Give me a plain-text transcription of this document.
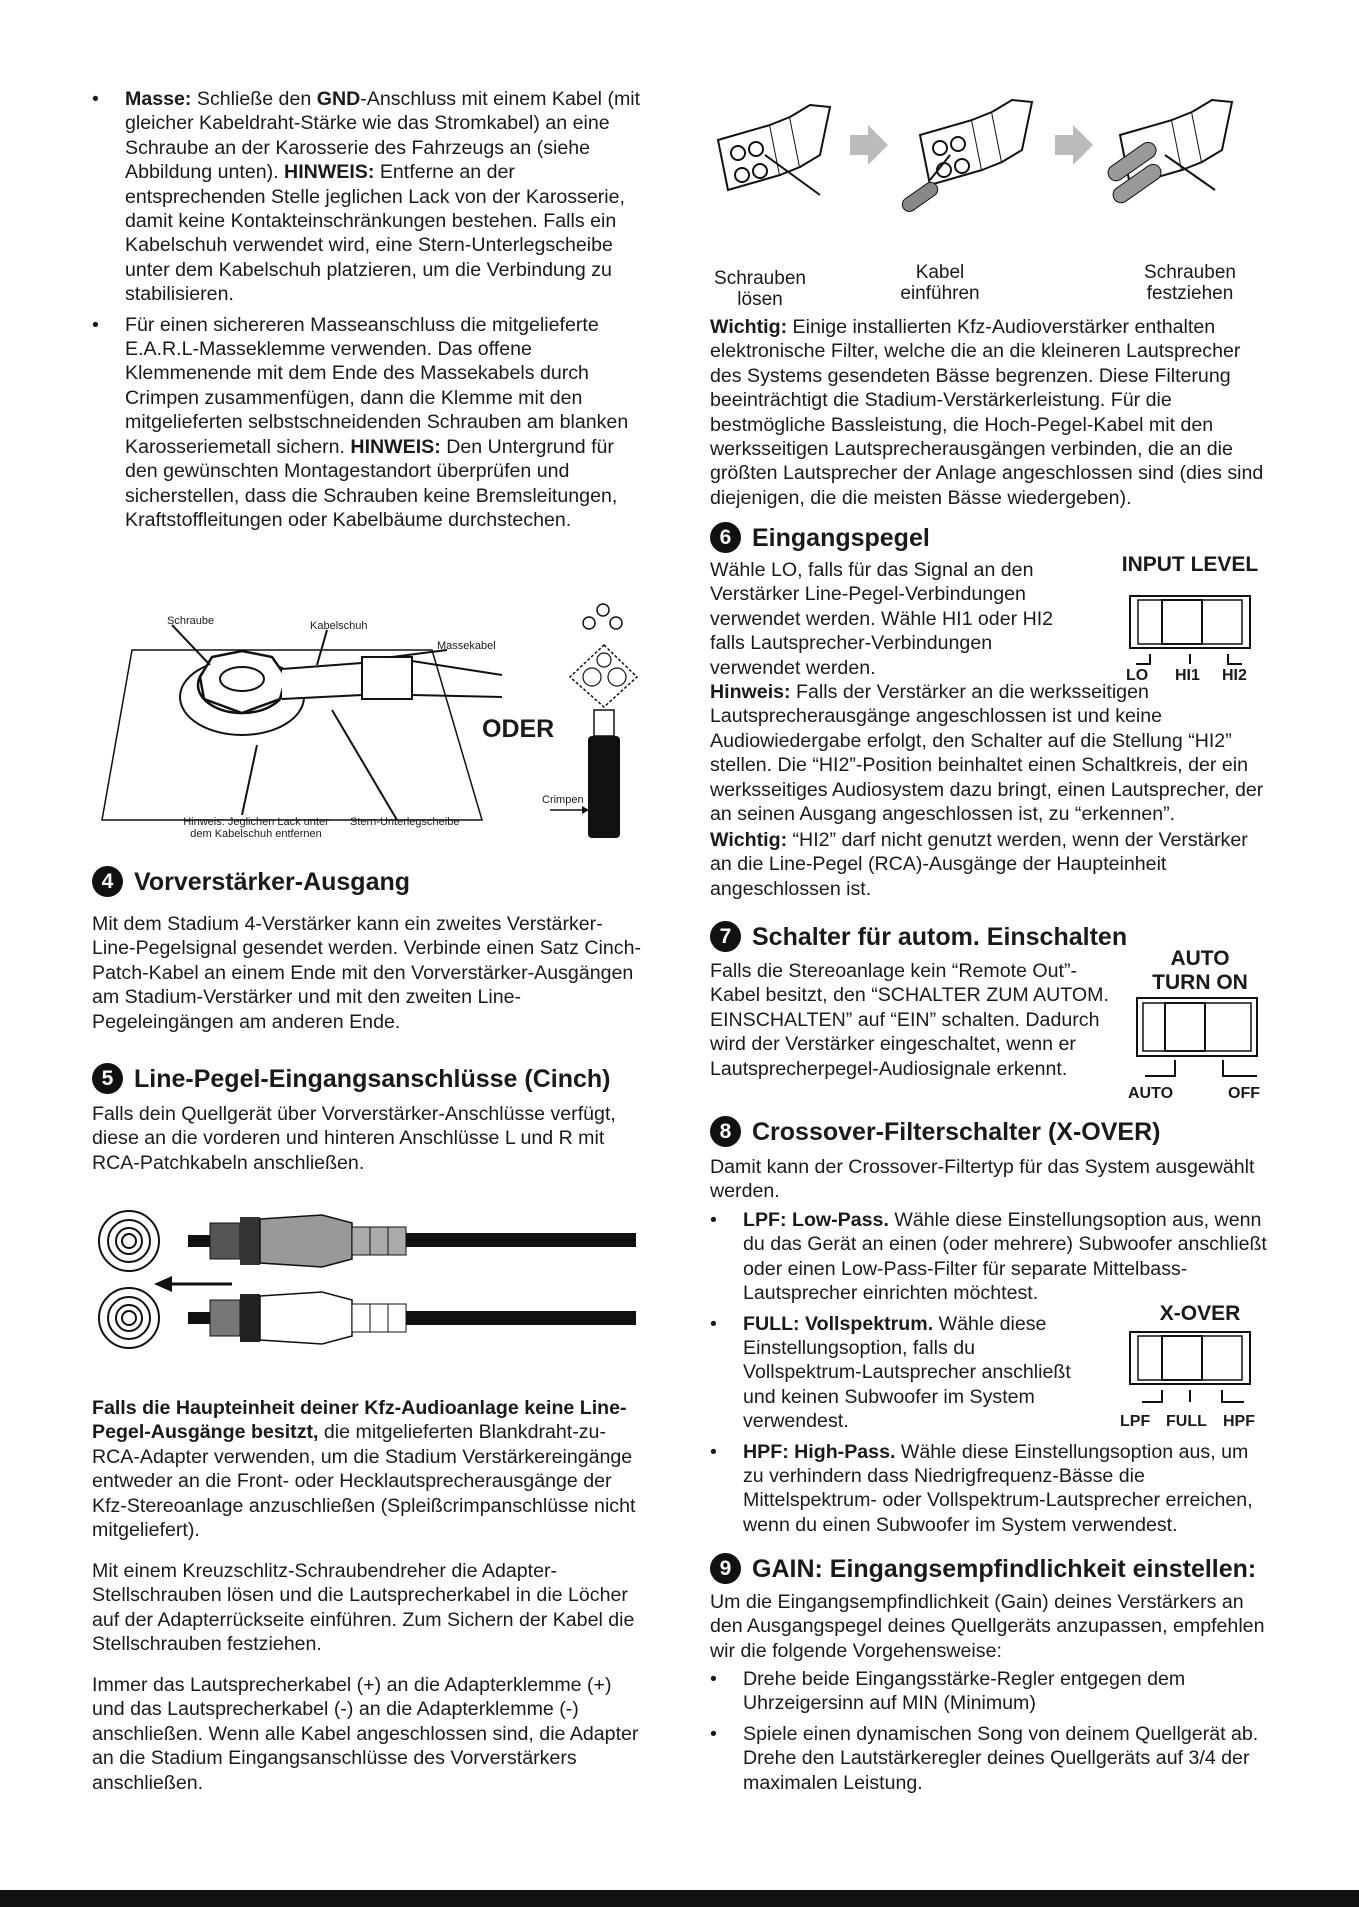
• Masse: Schließe den GND-Anschluss mit einem Kabel (mit gleicher Kabeldraht-Stärke wie das Stromkabel) an eine Schraube an der Karosserie des Fahrzeugs an (siehe Abbildung unten). HINWEIS: Entferne an der entsprechenden Stelle jeglichen Lack von der Karosserie, damit keine Kontakteinschränkungen bestehen. Falls ein Kabelschuh verwendet wird, eine Stern-Unterlegscheibe unter dem Kabelschuh platzieren, um die Verbindung zu stabilisieren.
• Für einen sichereren Masseanschluss die mitgelieferte E.A.R.L-Masseklemme verwenden. Das offene Klemmenende mit dem Ende des Massekabels durch Crimpen zusammenfügen, dann die Klemme mit den mitgelieferten selbstschneidenden Schrauben am blanken Karosseriemetall sichern. HINWEIS: Den Untergrund für den gewünschten Montagestandort überprüfen und sicherstellen, dass die Schrauben keine Bremsleitungen, Kraftstoffleitungen oder Kabelbäume durchstechen.
Schraube	Kabelschuh
Massekabel
ODER
Crimpen
Hinweis: Jeglichen Lack unter
dem Kabelschuh entfernen
Stern-Unterlegscheibe
4 Vorverstärker-Ausgang

Mit dem Stadium 4-Verstärker kann ein zweites Verstärker-Line-Pegelsignal gesendet werden. Verbinde einen Satz Cinch-Patch-Kabel an einem Ende mit den Vorverstärker-Ausgängen am Stadium-Verstärker und mit den zweiten Line-Pegeleingängen am anderen Ende.

5 Line-Pegel-Eingangsanschlüsse (Cinch)

Falls dein Quellgerät über Vorverstärker-Anschlüsse verfügt, diese an die vorderen und hinteren Anschlüsse L und R mit RCA-Patchkabeln anschließen.

Falls die Haupteinheit deiner Kfz-Audioanlage keine Line-Pegel-Ausgänge besitzt, die mitgelieferten Blankdraht-zu-RCA-Adapter verwenden, um die Stadium Verstärkereingänge entweder an die Front- oder Hecklautsprecherausgänge der Kfz-Stereoanlage anzuschließen (Spleißcrimpanschlüsse nicht mitgeliefert).

Mit einem Kreuzschlitz-Schraubendreher die Adapter-Stellschrauben lösen und die Lautsprecherkabel in die Löcher auf der Adapterrückseite einführen. Zum Sichern der Kabel die Stellschrauben festziehen.

Immer das Lautsprecherkabel (+) an die Adapterklemme (+) und das Lautsprecherkabel (-) an die Adapterklemme (-) anschließen. Wenn alle Kabel angeschlossen sind, die Adapter an die Stadium Eingangsanschlüsse des Vorverstärkers anschließen.

Schrauben
lösen
Kabel
einführen
Schrauben
festziehen

Wichtig: Einige installierten Kfz-Audioverstärker enthalten elektronische Filter, welche die an die kleineren Lautsprecher des Systems gesendeten Bässe begrenzen. Diese Filterung beeinträchtigt die Stadium-Verstärkerleistung. Für die bestmögliche Bassleistung, die Hoch-Pegel-Kabel mit den werksseitigen Lautsprecherausgängen verbinden, die an die größten Lautsprecher der Anlage angeschlossen sind (dies sind diejenigen, die die meisten Bässe wiedergeben).

6 Eingangspegel

Wähle LO, falls für das Signal an den Verstärker Line-Pegel-Verbindungen verwendet werden. Wähle HI1 oder HI2 falls Lautsprecher-Verbindungen verwendet werden.

INPUT LEVEL
LO HI1 HI2

Hinweis: Falls der Verstärker an die werksseitigen Lautsprecherausgänge angeschlossen ist und keine Audiowiedergabe erfolgt, den Schalter auf die Stellung “HI2” stellen. Die “HI2”-Position beinhaltet einen Schaltkreis, der ein werksseitiges Audiosystem dazu bringt, einen Lautsprecher, der an seinen Ausgang angeschlossen ist, zu “erkennen”.

Wichtig: “HI2” darf nicht genutzt werden, wenn der Verstärker an die Line-Pegel (RCA)-Ausgänge der Haupteinheit angeschlossen ist.

7 Schalter für autom. Einschalten

Falls die Stereoanlage kein “Remote Out”-Kabel besitzt, den “SCHALTER ZUM AUTOM. EINSCHALTEN” auf “EIN” schalten. Dadurch wird der Verstärker eingeschaltet, wenn er Lautsprecherpegel-Audiosignale erkennt.

AUTO
TURN ON
AUTO	OFF
8 Crossover-Filterschalter (X-OVER)

Damit kann der Crossover-Filtertyp für das System ausgewählt werden.

• LPF: Low-Pass. Wähle diese Einstellungsoption aus, wenn du das Gerät an einen (oder mehrere) Subwoofer anschließt oder einen Low-Pass-Filter für separate Mittelbass-Lautsprecher einrichten möchtest.
• FULL: Vollspektrum. Wähle diese Einstellungsoption, falls du Vollspektrum-Lautsprecher anschließt und keinen Subwoofer im System verwendest.
• HPF: High-Pass. Wähle diese Einstellungsoption aus, um zu verhindern dass Niedrigfrequenz-Bässe die Mittelspektrum- oder Vollspektrum-Lautsprecher erreichen, wenn du einen Subwoofer im System verwendest.
X-OVER
LPF FULL HPF
9 GAIN: Eingangsempfindlichkeit einstellen:

Um die Eingangsempfindlichkeit (Gain) deines Verstärkers an den Ausgangspegel deines Quellgeräts anzupassen, empfehlen wir die folgende Vorgehensweise:

• Drehe beide Eingangsstärke-Regler entgegen dem Uhrzeigersinn auf MIN (Minimum)
• Spiele einen dynamischen Song von deinem Quellgerät ab. Drehe den Lautstärkeregler deines Quellgeräts auf 3/4 der maximalen Leistung.
